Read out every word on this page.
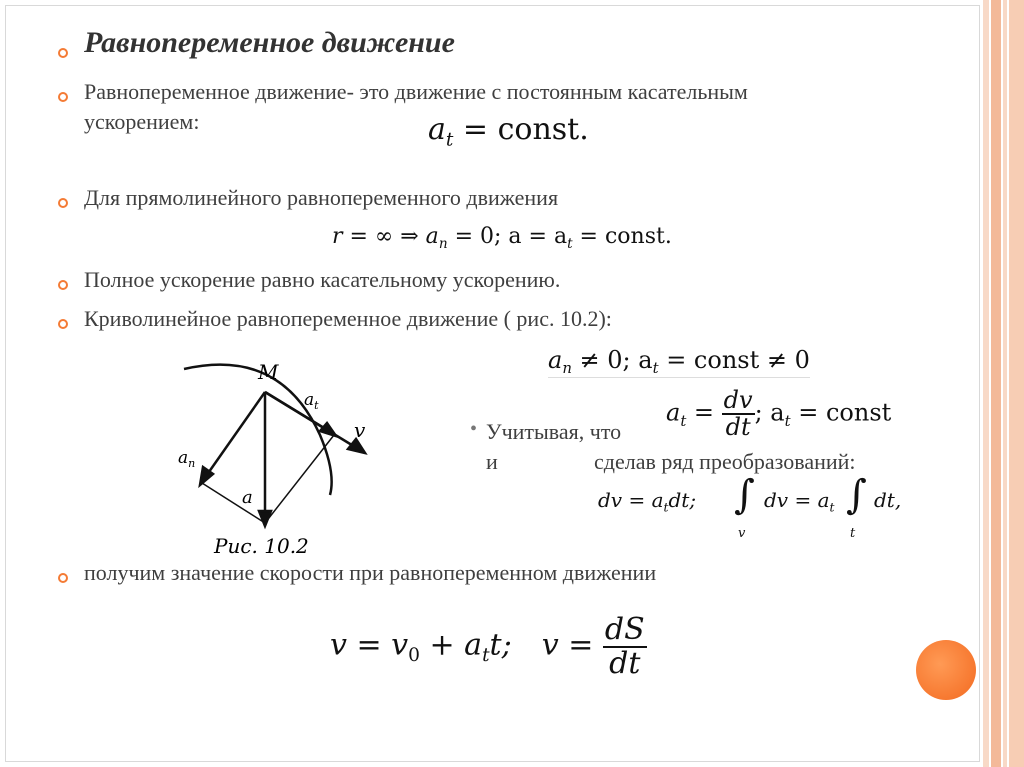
Равнопеременное движение
Равнопеременное движение- это движение с постоянным касательным
ускорением:	$a_t$ = const.
Для прямолинейного равнопеременного движения
r = ∞ ⇒ $a_n = 0$; $a = a_t$ = const.
Полное ускорение равно касательному ускорению.
Криволинейное равнопеременное движение ( рис. 10.2):
$a_n \ne 0$; $a_t$ = const ≠ 0
M
$a_t$
v
$a_n$
a
Рис. 10.2
• Учитывая, что
$a_t = \frac{dv}{dt}$ ; $a_t$ = const
и	сделав ряд преобразований:
dv = $a_tdt$; ∫
v
dv = $a_t$ ∫
t
dt,
получим значение скорости при равнопеременном движении
$v = v_0 + a_tt$; $v = \frac{dS}{dt}$
